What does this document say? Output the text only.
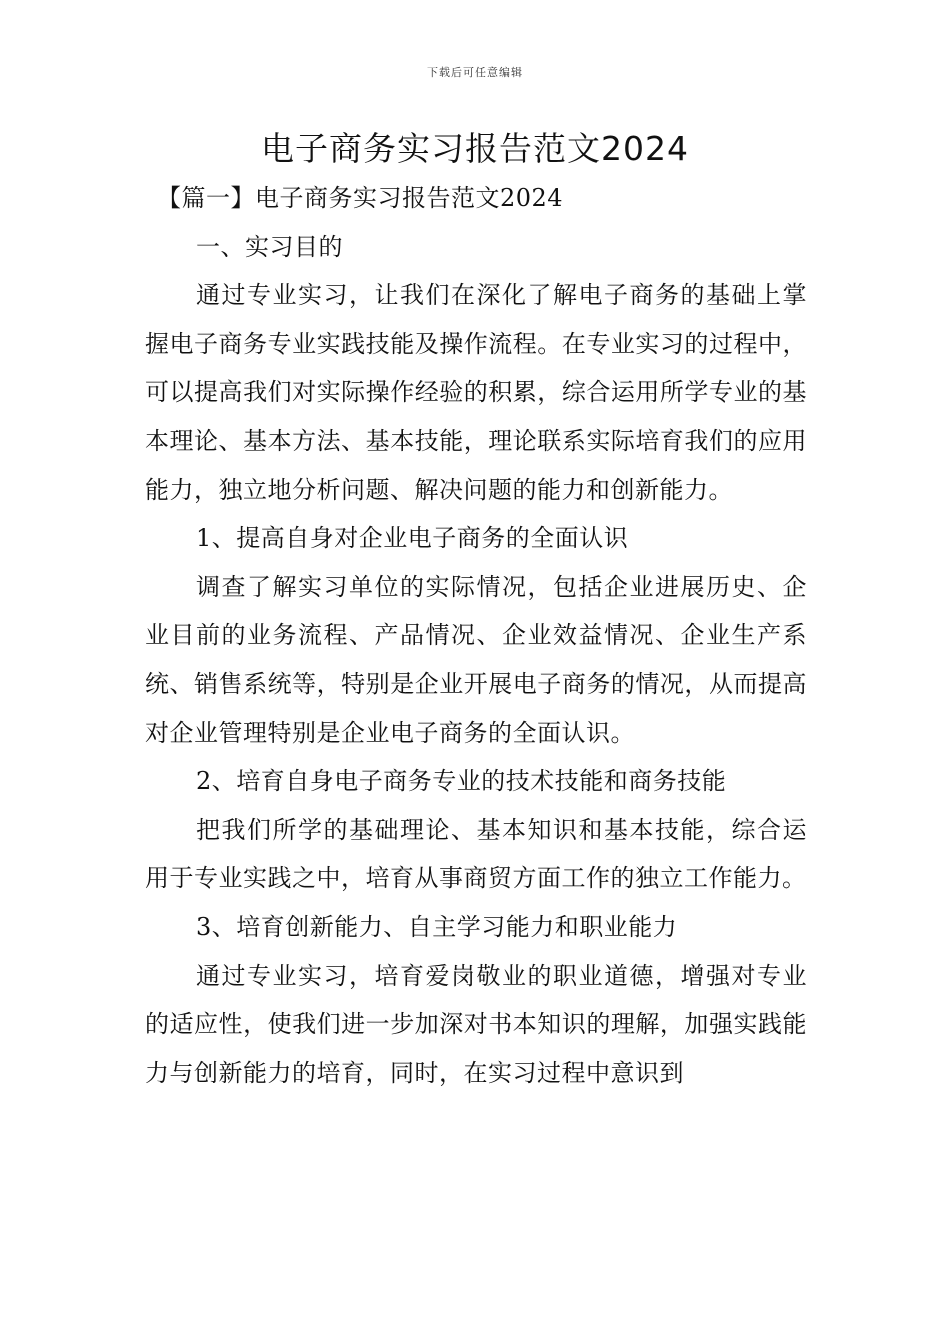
下载后可任意编辑
电子商务实习报告范文2024

【篇一】电子商务实习报告范文2024

一、实习目的

通过专业实习，让我们在深化了解电子商务的基础上掌握电子商务专业实践技能及操作流程。在专业实习的过程中，可以提高我们对实际操作经验的积累，综合运用所学专业的基本理论、基本方法、基本技能，理论联系实际培育我们的应用能力，独立地分析问题、解决问题的能力和创新能力。

1、提高自身对企业电子商务的全面认识

调查了解实习单位的实际情况，包括企业进展历史、企业目前的业务流程、产品情况、企业效益情况、企业生产系统、销售系统等，特别是企业开展电子商务的情况，从而提高对企业管理特别是企业电子商务的全面认识。

2、培育自身电子商务专业的技术技能和商务技能

把我们所学的基础理论、基本知识和基本技能，综合运用于专业实践之中，培育从事商贸方面工作的独立工作能力。

3、培育创新能力、自主学习能力和职业能力

通过专业实习，培育爱岗敬业的职业道德，增强对专业的适应性，使我们进一步加深对书本知识的理解，加强实践能力与创新能力的培育，同时，在实习过程中意识到
